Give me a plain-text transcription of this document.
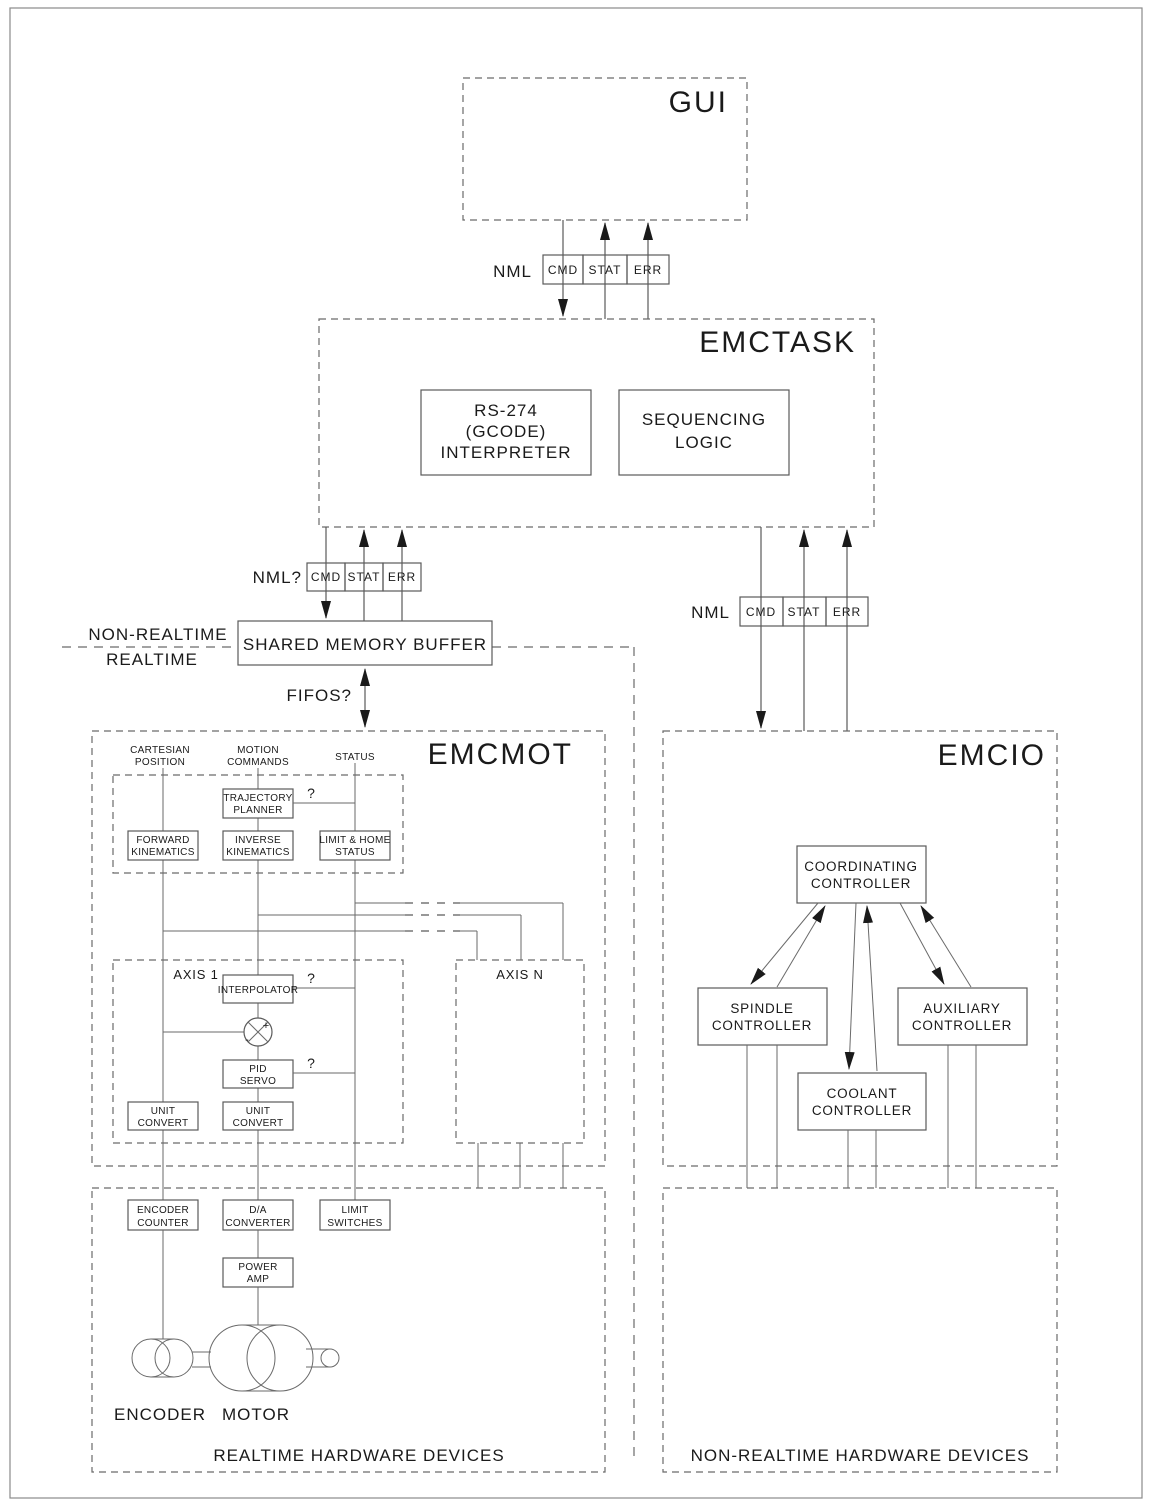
GUI
NML CMD STAT ERR
EMCTASK
RS-274
(GCODE)
INTERPRETER
SEQUENCING
LOGIC
NML? CMD STAT ERR
NML CMD STAT ERR
NON-REALTIME
REALTIME
SHARED MEMORY BUFFER
FIFOS?
EMCMOT
CARTESIAN
POSITION
MOTION
COMMANDS	STATUS
TRAJECTORY
PLANNER
?
FORWARD
KINEMATICS
INVERSE
KINEMATICS
LIMIT & HOME
STATUS
AXIS 1
INTERPOLATOR
?
+
-
PID
SERVO
?
UNIT
CONVERT
UNIT
CONVERT
AXIS N
ENCODER
COUNTER
D/A
CONVERTER
LIMIT
SWITCHES
POWER
AMP
ENCODER MOTOR
REALTIME HARDWARE DEVICES
EMCIO
COORDINATING
CONTROLLER
SPINDLE
CONTROLLER
AUXILIARY
CONTROLLER
COOLANT
CONTROLLER
NON-REALTIME HARDWARE DEVICES
